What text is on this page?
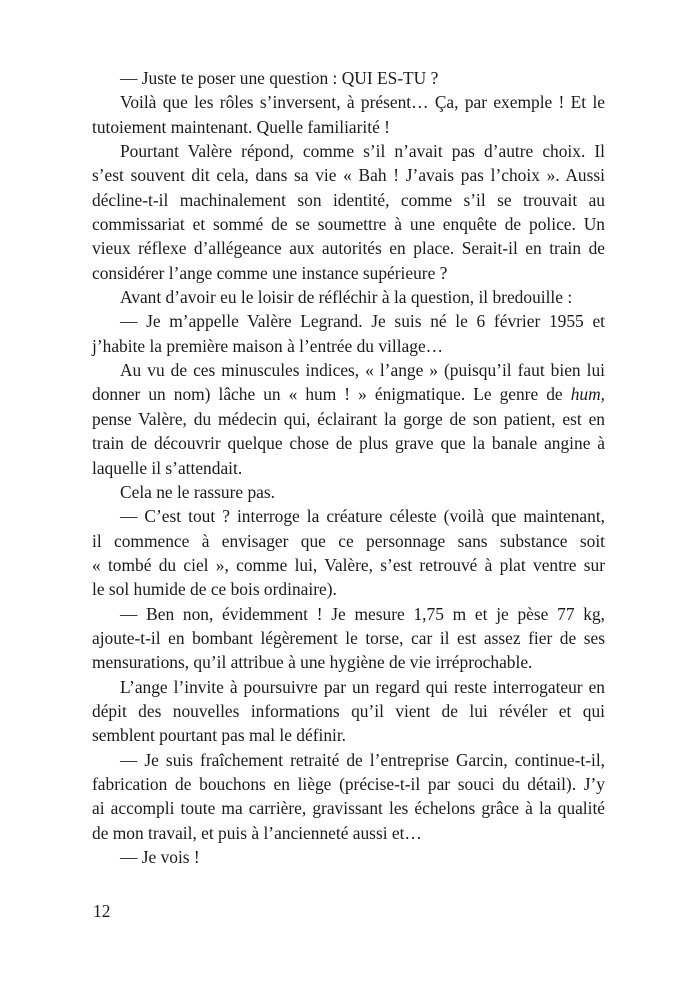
— Juste te poser une question : QUI ES-TU ?
Voilà que les rôles s’inversent, à présent… Ça, par exemple ! Et le
tutoiement maintenant. Quelle familiarité !
Pourtant Valère répond, comme s’il n’avait pas d’autre choix. Il
s’est souvent dit cela, dans sa vie « Bah ! J’avais pas l’choix ». Aussi
décline-t-il machinalement son identité, comme s’il se trouvait au
commissariat et sommé de se soumettre à une enquête de police. Un
vieux réflexe d’allégeance aux autorités en place. Serait-il en train de
considérer l’ange comme une instance supérieure ?
Avant d’avoir eu le loisir de réfléchir à la question, il bredouille :
— Je m’appelle Valère Legrand. Je suis né le 6 février 1955 et
j’habite la première maison à l’entrée du village…
Au vu de ces minuscules indices, « l’ange » (puisqu’il faut bien lui
donner un nom) lâche un « hum ! » énigmatique. Le genre de hum,
pense Valère, du médecin qui, éclairant la gorge de son patient, est en
train de découvrir quelque chose de plus grave que la banale angine à
laquelle il s’attendait.
Cela ne le rassure pas.
— C’est tout ? interroge la créature céleste (voilà que maintenant,
il commence à envisager que ce personnage sans substance soit
« tombé du ciel », comme lui, Valère, s’est retrouvé à plat ventre sur
le sol humide de ce bois ordinaire).
— Ben non, évidemment ! Je mesure 1,75 m et je pèse 77 kg,
ajoute-t-il en bombant légèrement le torse, car il est assez fier de ses
mensurations, qu’il attribue à une hygiène de vie irréprochable.
L’ange l’invite à poursuivre par un regard qui reste interrogateur en
dépit des nouvelles informations qu’il vient de lui révéler et qui
semblent pourtant pas mal le définir.
— Je suis fraîchement retraité de l’entreprise Garcin, continue-t-il,
fabrication de bouchons en liège (précise-t-il par souci du détail). J’y
ai accompli toute ma carrière, gravissant les échelons grâce à la qualité
de mon travail, et puis à l’ancienneté aussi et…
— Je vois !
12
